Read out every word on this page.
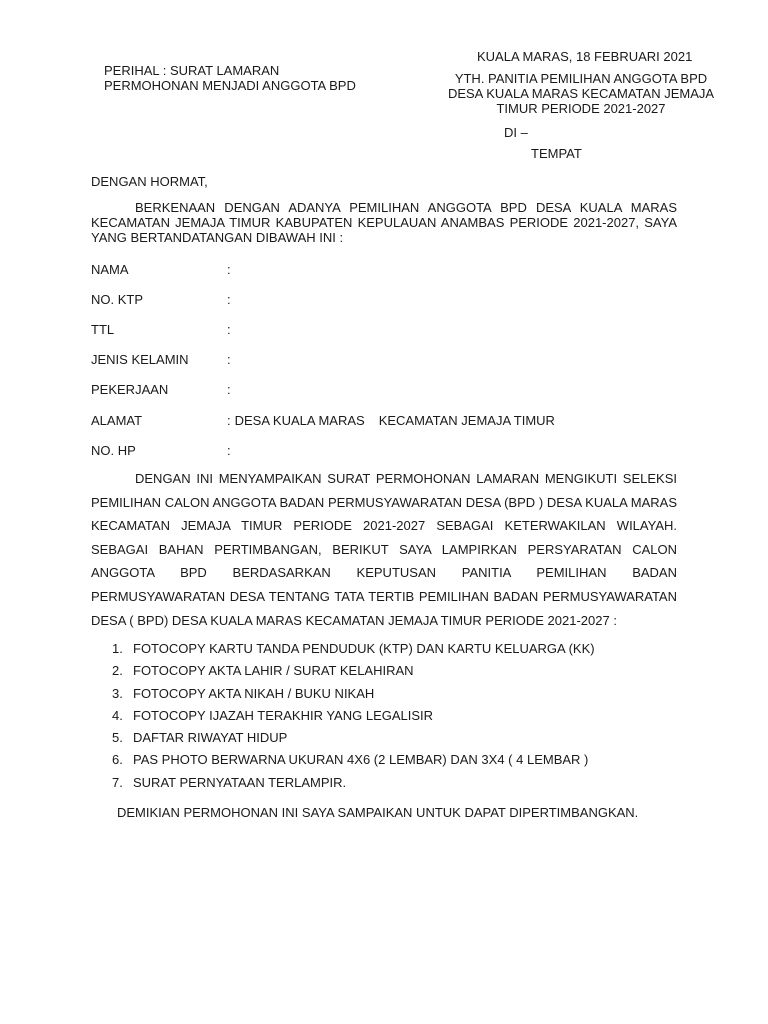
PERIHAL : SURAT LAMARAN
PERMOHONAN MENJADI ANGGOTA BPD
KUALA MARAS, 18 FEBRUARI 2021
YTH. PANITIA PEMILIHAN ANGGOTA BPD DESA KUALA MARAS KECAMATAN JEMAJA TIMUR PERIODE 2021-2027
DI –
TEMPAT
DENGAN HORMAT,
BERKENAAN DENGAN ADANYA PEMILIHAN ANGGOTA BPD DESA KUALA MARAS KECAMATAN JEMAJA TIMUR KABUPATEN KEPULAUAN ANAMBAS PERIODE 2021-2027, SAYA YANG BERTANDATANGAN DIBAWAH INI :
NAMA	:
NO. KTP	:
TTL	:
JENIS KELAMIN	:
PEKERJAAN	:
ALAMAT	: DESA KUALA MARAS KECAMATAN JEMAJA TIMUR
NO. HP	:
DENGAN INI MENYAMPAIKAN SURAT PERMOHONAN LAMARAN MENGIKUTI SELEKSI PEMILIHAN CALON ANGGOTA BADAN PERMUSYAWARATAN DESA (BPD ) DESA KUALA MARAS KECAMATAN JEMAJA TIMUR PERIODE 2021-2027 SEBAGAI KETERWAKILAN WILAYAH. SEBAGAI BAHAN PERTIMBANGAN, BERIKUT SAYA LAMPIRKAN PERSYARATAN CALON ANGGOTA BPD BERDASARKAN KEPUTUSAN PANITIA PEMILIHAN BADAN PERMUSYAWARATAN DESA TENTANG TATA TERTIB PEMILIHAN BADAN PERMUSYAWARATAN DESA ( BPD) DESA KUALA MARAS KECAMATAN JEMAJA TIMUR PERIODE 2021-2027 :
1. FOTOCOPY KARTU TANDA PENDUDUK (KTP) DAN KARTU KELUARGA (KK)
2. FOTOCOPY AKTA LAHIR / SURAT KELAHIRAN
3. FOTOCOPY AKTA NIKAH / BUKU NIKAH
4. FOTOCOPY IJAZAH TERAKHIR YANG LEGALISIR
5. DAFTAR RIWAYAT HIDUP
6. PAS PHOTO BERWARNA UKURAN 4X6 (2 LEMBAR) DAN 3X4 ( 4 LEMBAR )
7. SURAT PERNYATAAN TERLAMPIR.
DEMIKIAN PERMOHONAN INI SAYA SAMPAIKAN UNTUK DAPAT DIPERTIMBANGKAN.
